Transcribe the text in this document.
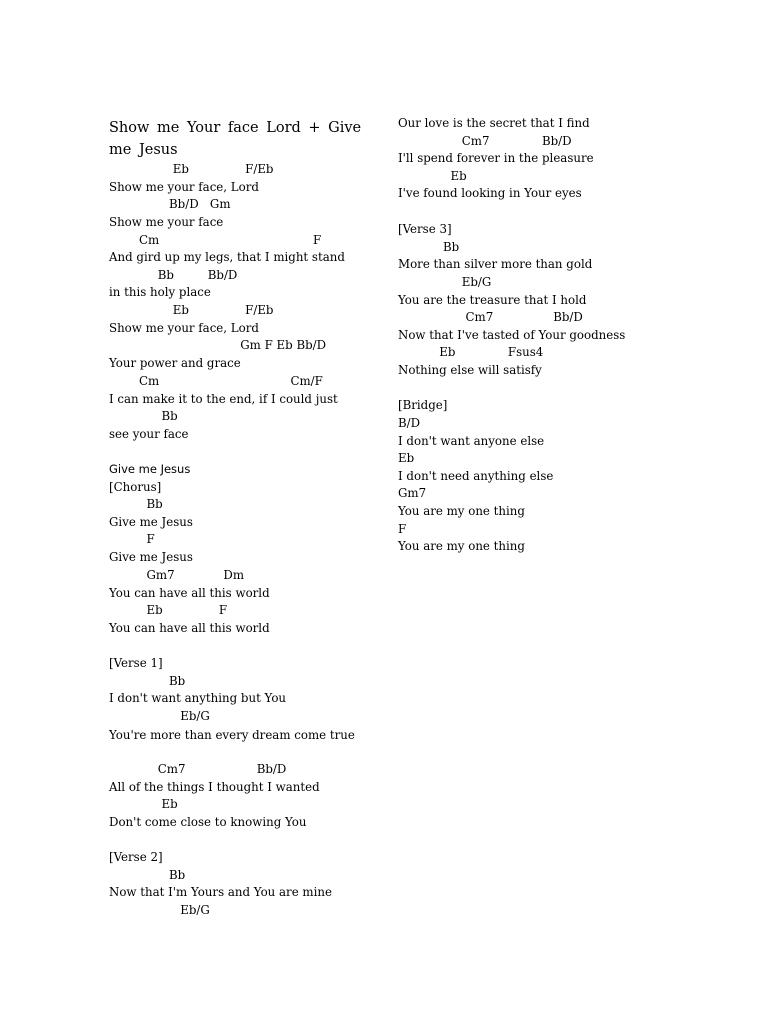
Show me Your face Lord + Give me Jesus
You're more than every dream come true
Eb               F/Eb
Show me your face, Lord
Bb/D   Gm
Show me your face
Cm                                         F
And gird up my legs, that I might stand
Bb         Bb/D
in this holy place
Eb               F/Eb
Show me your face, Lord
Gm F Eb Bb/D
Your power and grace
Cm                                   Cm/F
I can make it to the end, if I could just
Bb
see your face
Give me Jesus
[Chorus]
Bb
Give me Jesus
F
Give me Jesus
Gm7             Dm
You can have all this world
Eb               F
You can have all this world
[Verse 1]
Bb
I don't want anything but You
Eb/G
Cm7                   Bb/D
All of the things I thought I wanted
Eb
Don't come close to knowing You
[Verse 2]
Bb
Now that I'm Yours and You are mine
Eb/G
Our love is the secret that I find
Cm7              Bb/D
I'll spend forever in the pleasure
Eb
I've found looking in Your eyes
[Verse 3]
Bb
More than silver more than gold
Eb/G
Cm7                Bb/D
You are the treasure that I hold
Now that I've tasted of Your goodness
Eb              Fsus4
Nothing else will satisfy
[Bridge]
B/D
I don't want anyone else
Eb
I don't need anything else
Gm7
You are my one thing
F
You are my one thing
